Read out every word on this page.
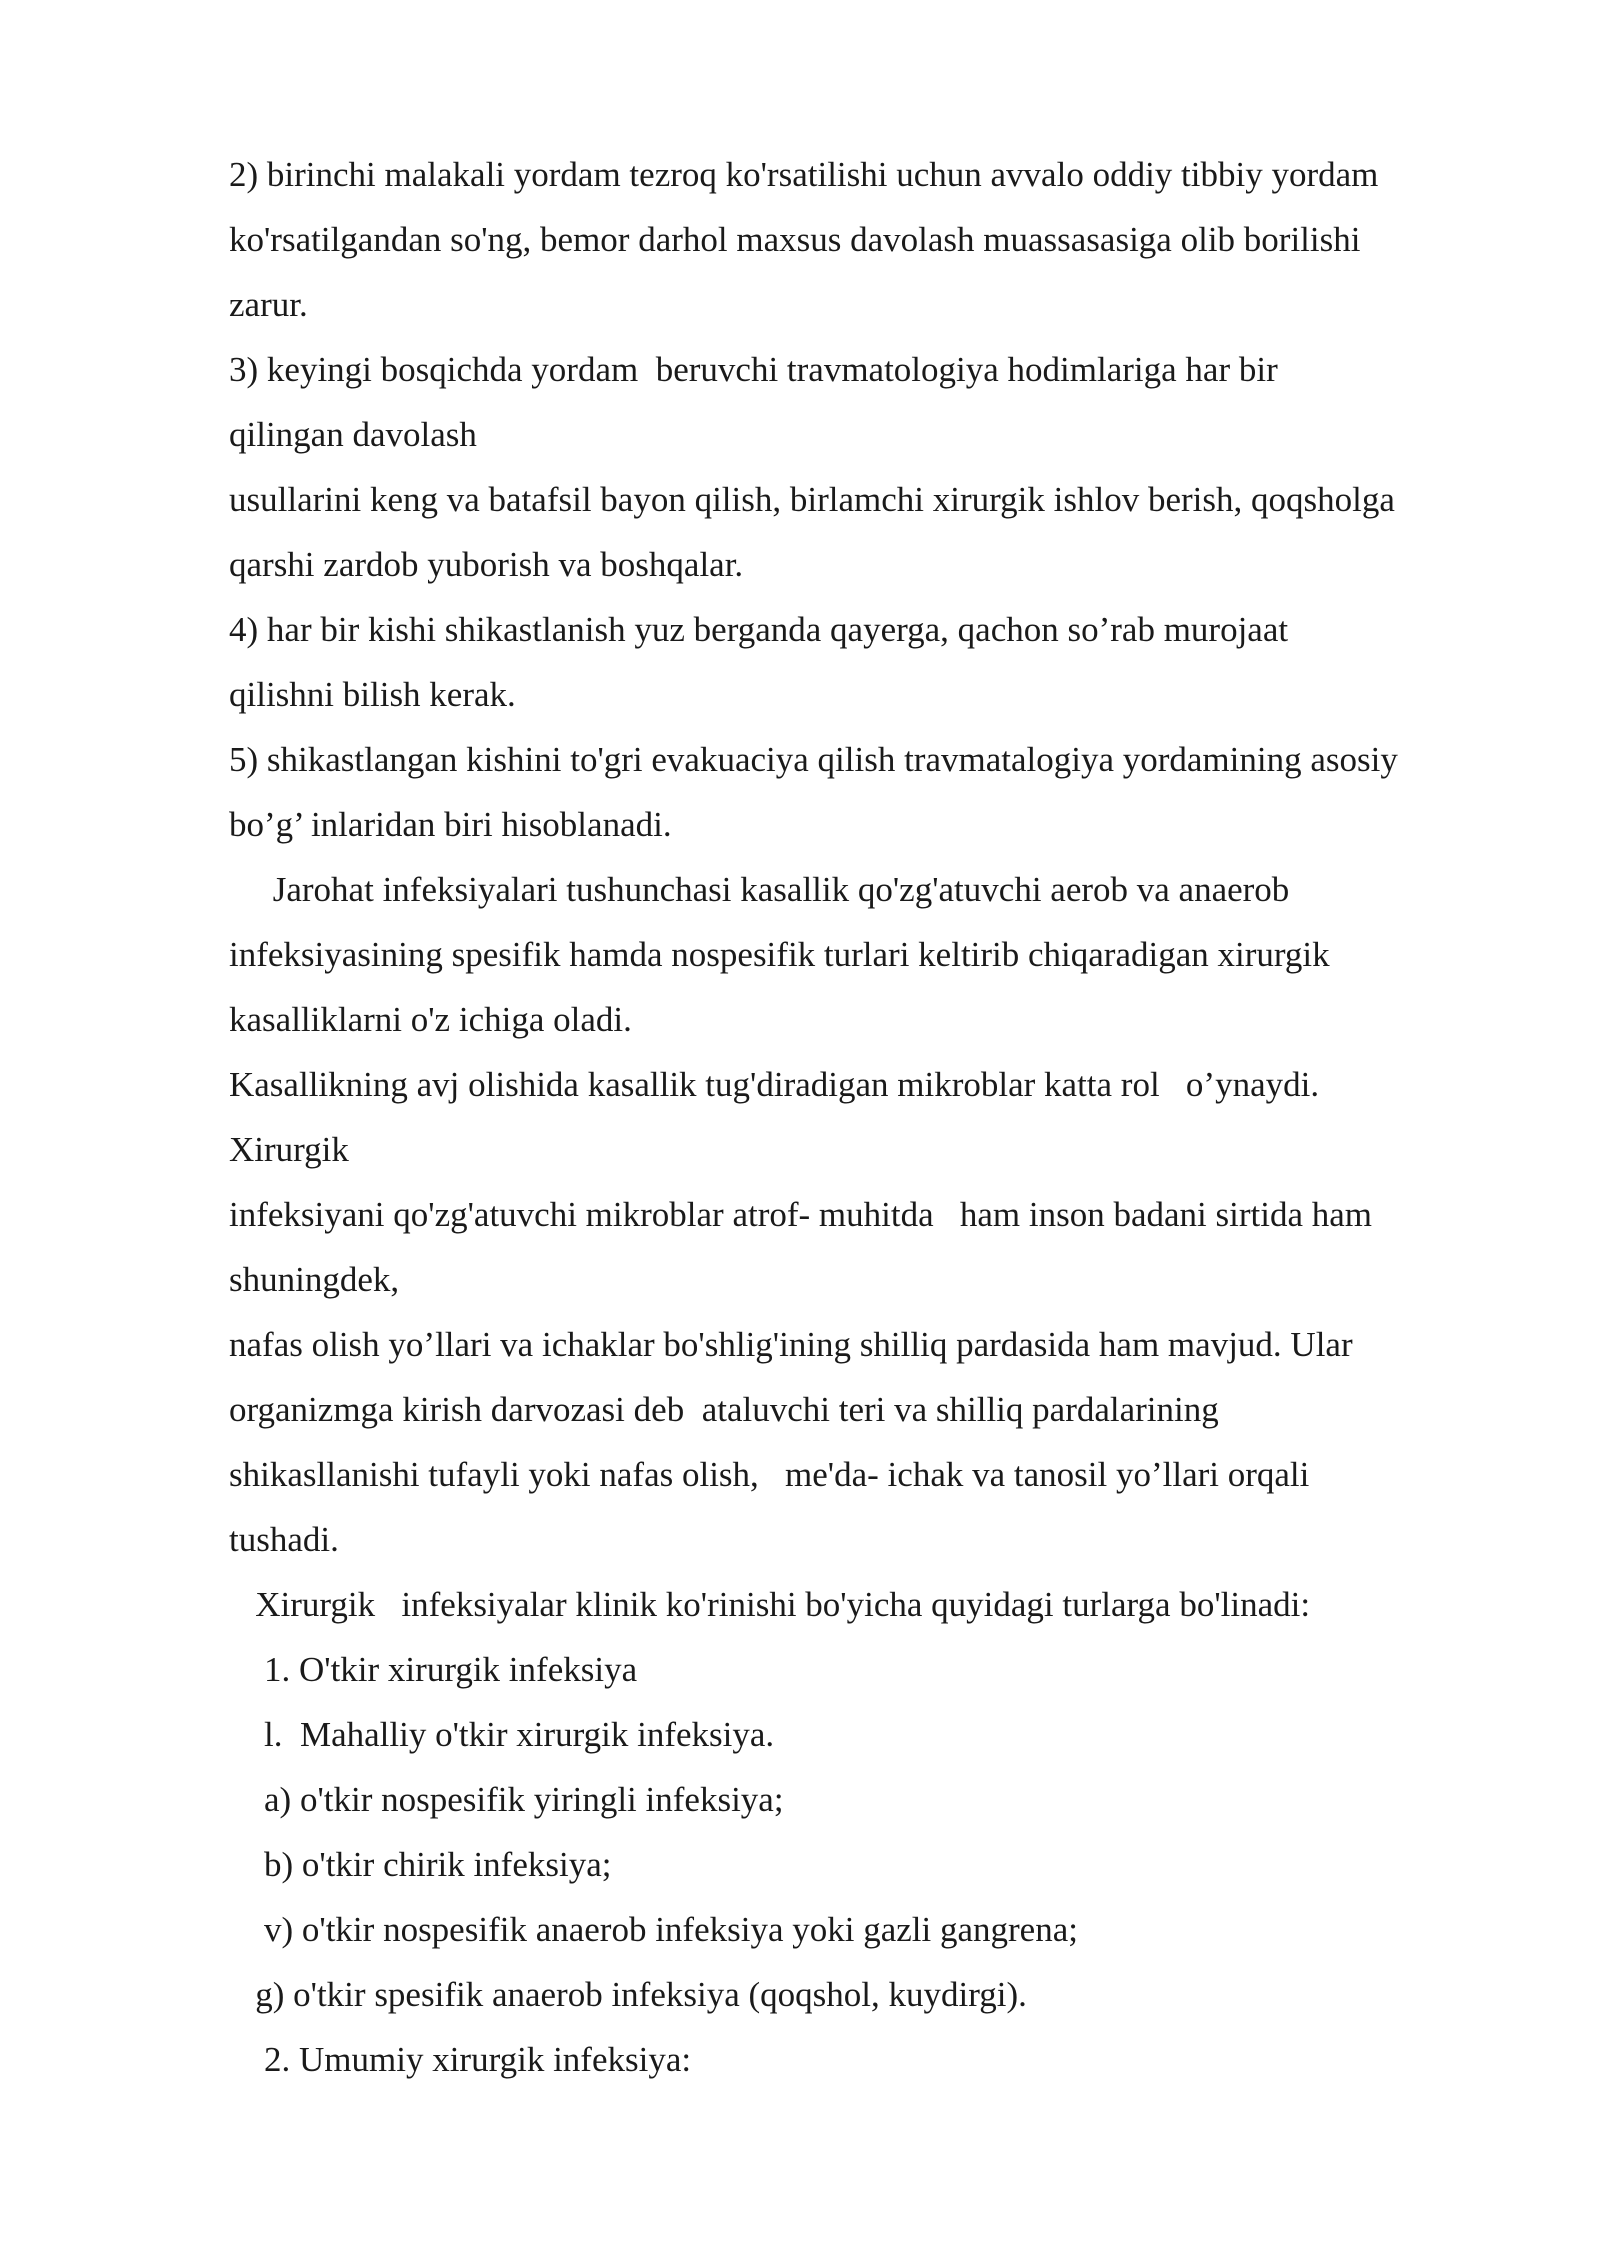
2) birinchi malakali yordam tezroq ko'rsatilishi uchun avvalo oddiy tibbiy yordam
ko'rsatilgandan so'ng, bemor darhol maxsus davolash muassasasiga olib borilishi
zarur.
3) keyingi bosqichda yordam  beruvchi travmatologiya hodimlariga har bir
qilingan davolash
usullarini keng va batafsil bayon qilish, birlamchi xirurgik ishlov berish, qoqsholga
qarshi zardob yuborish va boshqalar.
4) har bir kishi shikastlanish yuz berganda qayerga, qachon so’rab murojaat
qilishni bilish kerak.
5) shikastlangan kishini to'gri evakuaciya qilish travmatalogiya yordamining asosiy
bo’g’ inlaridan biri hisoblanadi.
Jarohat infeksiyalari tushunchasi kasallik qo'zg'atuvchi aerob va anaerob
infeksiyasining spesifik hamda nospesifik turlari keltirib chiqaradigan xirurgik
kasalliklarni o'z ichiga oladi.
Kasallikning avj olishida kasallik tug'diradigan mikroblar katta rol   o’ynaydi.
Xirurgik
infeksiyani qo'zg'atuvchi mikroblar atrof- muhitda   ham inson badani sirtida ham
shuningdek,
nafas olish yo’llari va ichaklar bo'shlig'ining shilliq pardasida ham mavjud. Ular
organizmga kirish darvozasi deb  ataluvchi teri va shilliq pardalarining
shikasllanishi tufayli yoki nafas olish,   me'da- ichak va tanosil yo’llari orqali
tushadi.
Xirurgik   infeksiyalar klinik ko'rinishi bo'yicha quyidagi turlarga bo'linadi:
1. O'tkir xirurgik infeksiya
l.  Mahalliy o'tkir xirurgik infeksiya.
a) o'tkir nospesifik yiringli infeksiya;
b) o'tkir chirik infeksiya;
v) o'tkir nospesifik anaerob infeksiya yoki gazli gangrena;
g) o'tkir spesifik anaerob infeksiya (qoqshol, kuydirgi).
2. Umumiy xirurgik infeksiya:
